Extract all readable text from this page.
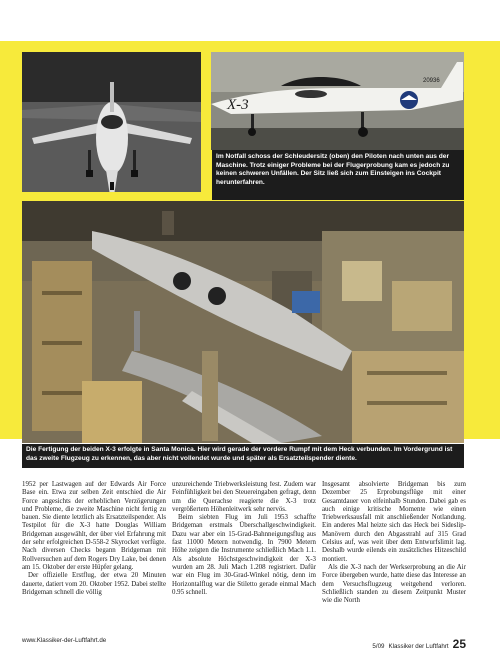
X-3
20936
Im Notfall schoss der Schleudersitz (oben) den Piloten nach unten aus der Maschine. Trotz einiger Probleme bei der Flugerprobung kam es jedoch zu keinen schweren Unfällen. Der Sitz ließ sich zum Einsteigen ins Cockpit herunterfahren.
Die Fertigung der beiden X-3 erfolgte in Santa Monica. Hier wird gerade der vordere Rumpf mit dem Heck verbunden. Im Vordergrund ist das zweite Flugzeug zu erkennen, das aber nicht vollendet wurde und später als Ersatzteilspender diente.

1952 per Lastwagen auf der Edwards Air Force Base ein. Etwa zur selben Zeit entschied die Air Force angesichts der erheblichen Verzögerungen und Probleme, die zweite Maschine nicht fertig zu bauen. Sie diente letztlich als Ersatzteilspender. Als Testpilot für die X-3 hatte Douglas William Bridgeman ausgewählt, der über viel Erfahrung mit der sehr erfolgreichen D-558-2 Skyrocket verfügte. Nach diversen Checks begann Bridgeman mit Rollversuchen auf dem Rogers Dry Lake, bei denen am 15. Oktober der erste Hüpfer gelang.

Der offizielle Erstflug, der etwa 20 Minuten dauerte, datiert vom 20. Oktober 1952. Dabei stellte Bridgeman schnell die völlig

unzureichende Triebwerksleistung fest. Zudem war Feinfühligkeit bei den Steuereingaben gefragt, denn um die Querachse reagierte die X-3 trotz vergrößertem Höhenleitwerk sehr nervös.

Beim siebten Flug im Juli 1953 schaffte Bridgeman erstmals Überschallgeschwindigkeit. Dazu war aber ein 15-Grad-Bahnneigungsflug aus fast 11000 Metern notwendig. In 7900 Metern Höhe zeigten die Instrumente schließlich Mach 1.1. Als absolute Höchstgeschwindigkeit der X-3 wurden am 28. Juli Mach 1.208 registriert. Dafür war ein Flug im 30-Grad-Winkel nötig, denn im Horizontalflug war die Stiletto gerade einmal Mach 0.95 schnell.

Insgesamt absolvierte Bridgeman bis zum Dezember 25 Erprobungsflüge mit einer Gesamtdauer von elfeinhalb Stunden. Dabei gab es auch einige kritische Momente wie einen Triebwerksausfall mit anschließender Notlandung. Ein anderes Mal heizte sich das Heck bei Sideslip-Manövern durch den Abgasstrahl auf 315 Grad Celsius auf, was weit über dem Entwurfslimit lag. Deshalb wurde eilends ein zusätzliches Hitzeschild montiert.

Als die X-3 nach der Werkserprobung an die Air Force übergeben wurde, hatte diese das Interesse an dem Versuchsflugzeug weitgehend verloren. Schließlich standen zu diesem Zeitpunkt Muster wie die North

www.Klassiker-der-Luftfahrt.de
5/09 Klassiker der Luftfahrt 25
